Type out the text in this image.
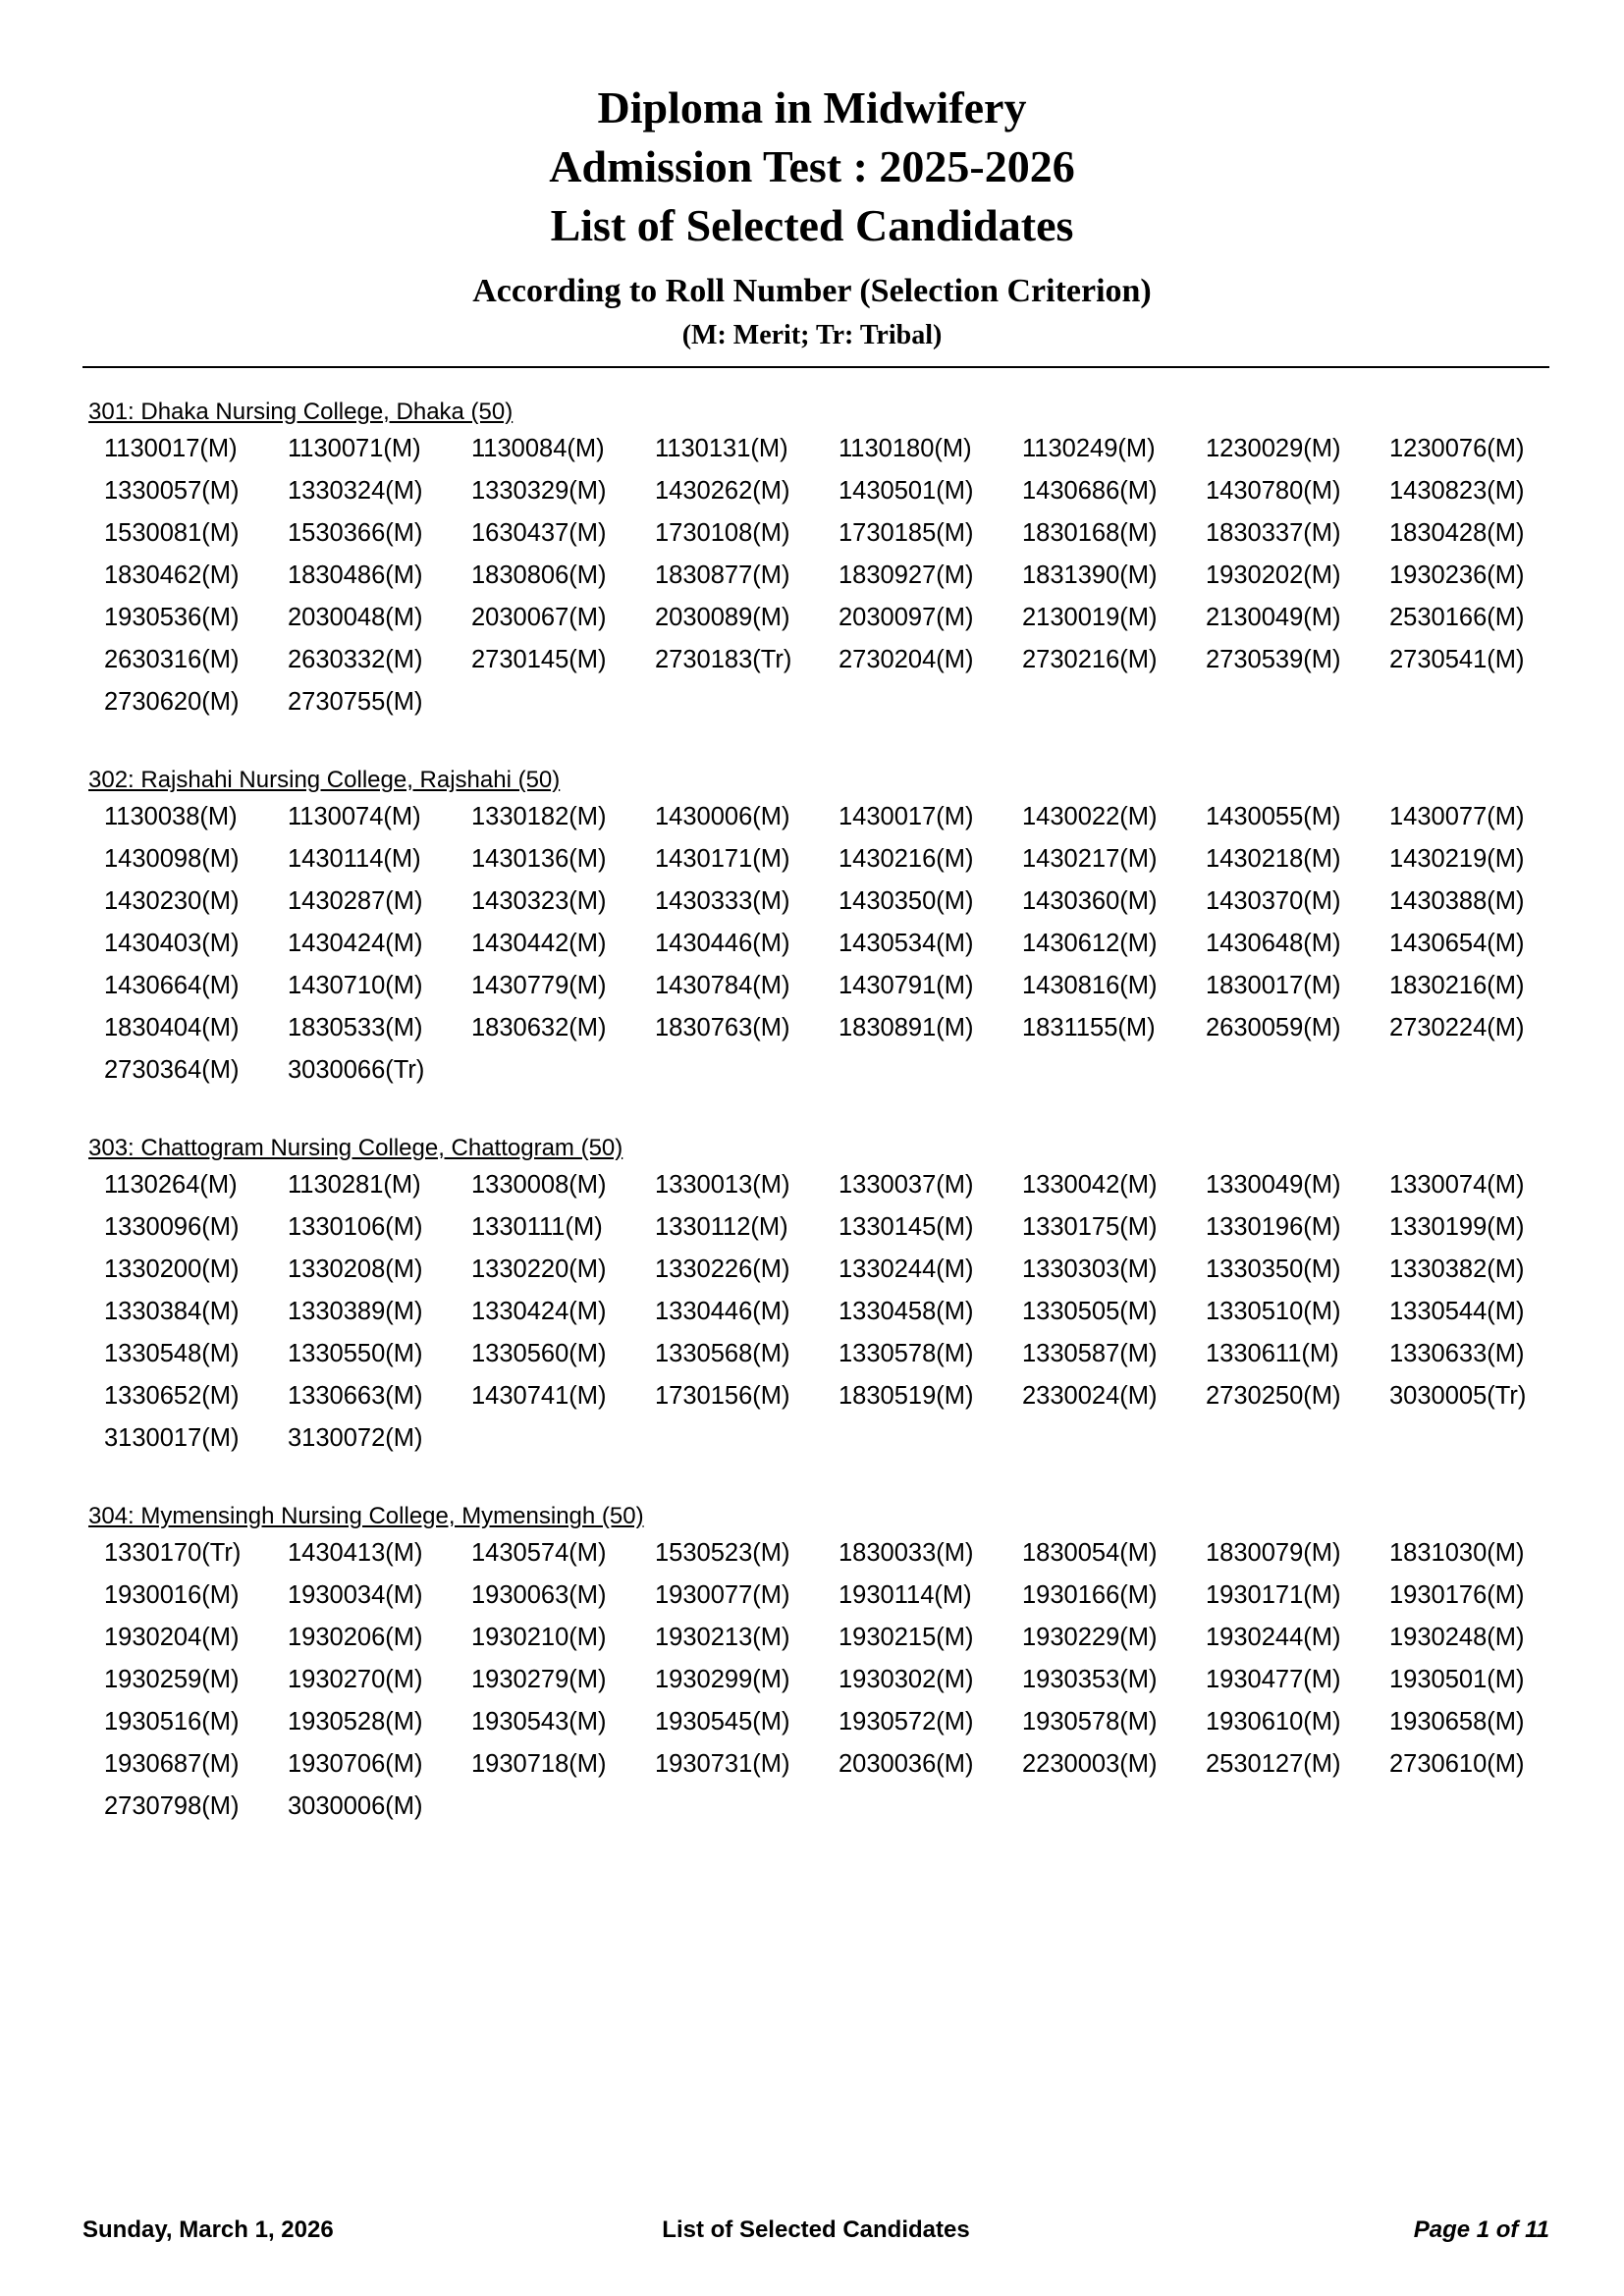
Diploma in Midwifery
Admission Test : 2025-2026
List of Selected Candidates
According to Roll Number (Selection Criterion)
(M: Merit; Tr: Tribal)
301: Dhaka Nursing College, Dhaka (50)
1130017(M)	1130071(M)	1130084(M)	1130131(M)	1130180(M)	1130249(M)	1230029(M)	1230076(M)
1330057(M)	1330324(M)	1330329(M)	1430262(M)	1430501(M)	1430686(M)	1430780(M)	1430823(M)
1530081(M)	1530366(M)	1630437(M)	1730108(M)	1730185(M)	1830168(M)	1830337(M)	1830428(M)
1830462(M)	1830486(M)	1830806(M)	1830877(M)	1830927(M)	1831390(M)	1930202(M)	1930236(M)
1930536(M)	2030048(M)	2030067(M)	2030089(M)	2030097(M)	2130019(M)	2130049(M)	2530166(M)
2630316(M)	2630332(M)	2730145(M)	2730183(Tr)	2730204(M)	2730216(M)	2730539(M)	2730541(M)
2730620(M)	2730755(M)
302: Rajshahi Nursing College, Rajshahi (50)
1130038(M)	1130074(M)	1330182(M)	1430006(M)	1430017(M)	1430022(M)	1430055(M)	1430077(M)
1430098(M)	1430114(M)	1430136(M)	1430171(M)	1430216(M)	1430217(M)	1430218(M)	1430219(M)
1430230(M)	1430287(M)	1430323(M)	1430333(M)	1430350(M)	1430360(M)	1430370(M)	1430388(M)
1430403(M)	1430424(M)	1430442(M)	1430446(M)	1430534(M)	1430612(M)	1430648(M)	1430654(M)
1430664(M)	1430710(M)	1430779(M)	1430784(M)	1430791(M)	1430816(M)	1830017(M)	1830216(M)
1830404(M)	1830533(M)	1830632(M)	1830763(M)	1830891(M)	1831155(M)	2630059(M)	2730224(M)
2730364(M)	3030066(Tr)
303: Chattogram Nursing College, Chattogram (50)
1130264(M)	1130281(M)	1330008(M)	1330013(M)	1330037(M)	1330042(M)	1330049(M)	1330074(M)
1330096(M)	1330106(M)	1330111(M)	1330112(M)	1330145(M)	1330175(M)	1330196(M)	1330199(M)
1330200(M)	1330208(M)	1330220(M)	1330226(M)	1330244(M)	1330303(M)	1330350(M)	1330382(M)
1330384(M)	1330389(M)	1330424(M)	1330446(M)	1330458(M)	1330505(M)	1330510(M)	1330544(M)
1330548(M)	1330550(M)	1330560(M)	1330568(M)	1330578(M)	1330587(M)	1330611(M)	1330633(M)
1330652(M)	1330663(M)	1430741(M)	1730156(M)	1830519(M)	2330024(M)	2730250(M)	3030005(Tr)
3130017(M)	3130072(M)
304: Mymensingh Nursing College, Mymensingh (50)
1330170(Tr)	1430413(M)	1430574(M)	1530523(M)	1830033(M)	1830054(M)	1830079(M)	1831030(M)
1930016(M)	1930034(M)	1930063(M)	1930077(M)	1930114(M)	1930166(M)	1930171(M)	1930176(M)
1930204(M)	1930206(M)	1930210(M)	1930213(M)	1930215(M)	1930229(M)	1930244(M)	1930248(M)
1930259(M)	1930270(M)	1930279(M)	1930299(M)	1930302(M)	1930353(M)	1930477(M)	1930501(M)
1930516(M)	1930528(M)	1930543(M)	1930545(M)	1930572(M)	1930578(M)	1930610(M)	1930658(M)
1930687(M)	1930706(M)	1930718(M)	1930731(M)	2030036(M)	2230003(M)	2530127(M)	2730610(M)
2730798(M)	3030006(M)
Sunday, March 1, 2026	List of Selected Candidates	Page 1 of 11
